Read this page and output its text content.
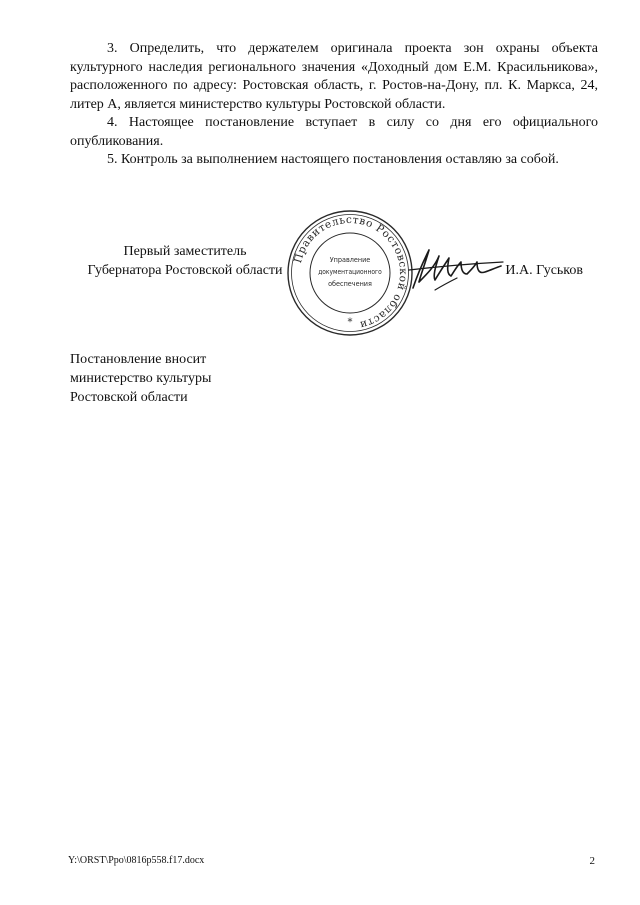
3. Определить, что держателем оригинала проекта зон охраны объекта культурного наследия регионального значения «Доходный дом Е.М. Красильникова», расположенного по адресу: Ростовская область, г. Ростов-на-Дону, пл. К. Маркса, 24, литер А, является министерство культуры Ростовской области.

4. Настоящее постановление вступает в силу со дня его официального опубликования.

5. Контроль за выполнением настоящего постановления оставляю за собой.

Первый заместитель
Губернатора Ростовской области
Правительство Ростовской области
Управление
документационного
обеспечения
*
И.А. Гуськов
Постановление вносит
министерство культуры
Ростовской области
Y:\ORST\Ppo\0816p558.f17.docx	2
